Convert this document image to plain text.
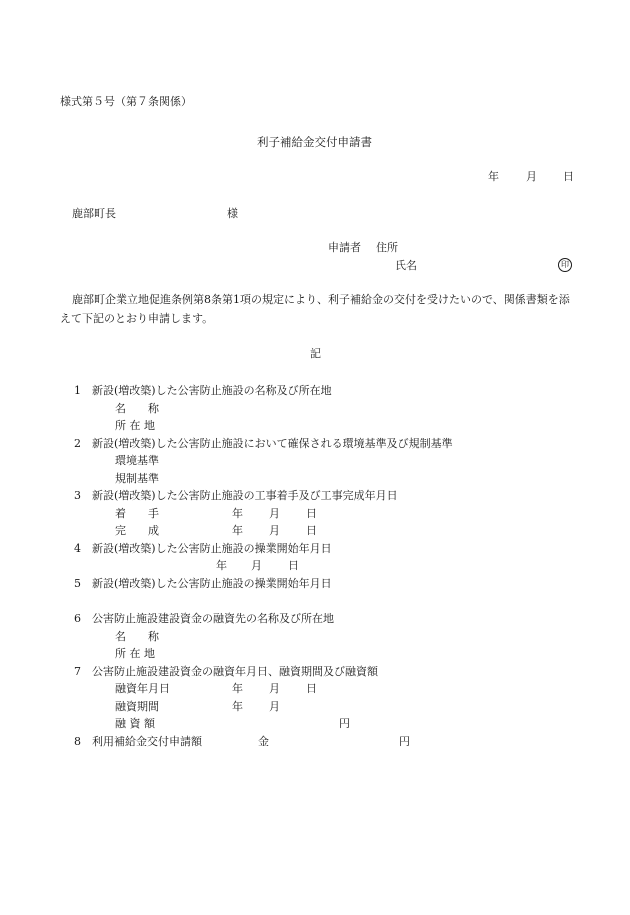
様式第５号（第７条関係）
利子補給金交付申請書
年 月 日
鹿部町長	様
申請者 住所
氏名	印
鹿部町企業立地促進条例第8条第1項の規定により、利子補給金の交付を受けたいので、関係書類を添えて下記のとおり申請します。
記
1 新設(増改築)した公害防止施設の名称及び所在地
名　　称
所 在 地
2 新設(増改築)した公害防止施設において確保される環境基準及び規制基準
環境基準
規制基準
3 新設(増改築)した公害防止施設の工事着手及び工事完成年月日
着　　手	年 月 日
完　　成	年 月 日
4 新設(増改築)した公害防止施設の操業開始年月日
年 月 日
5 新設(増改築)した公害防止施設の操業開始年月日
6 公害防止施設建設資金の融資先の名称及び所在地
名　　称
所 在 地
7 公害防止施設建設資金の融資年月日、融資期間及び融資額
融資年月日	年 月 日
融資期間	年 月
融 資 額	円
8 利用補給金交付申請額	金	円
